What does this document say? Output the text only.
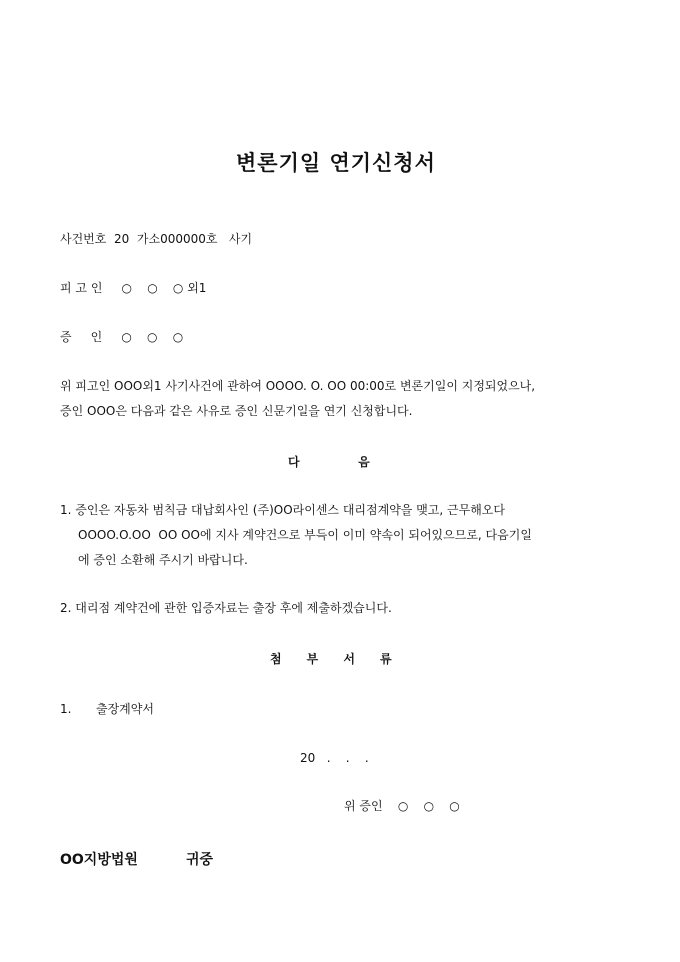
변론기일 연기신청서
사건번호  20  가소000000호   사기
피 고 인     ○    ○    ○ 외1
증     인     ○    ○    ○
위 피고인 OOO외1 사기사건에 관하여 OOOO. O. OO 00:00로 변론기일이 지정되었으나,
증인 OOO은 다음과 같은 사유로 증인 신문기일을 연기 신청합니다.
다              음
1. 증인은 자동차 범칙금 대납회사인 (주)OO라이센스 대리점계약을 맺고, 근무해오다
OOOO.O.OO  OO OO에 지사 계약건으로 부득이 이미 약속이 되어있으므로, 다음기일
에 증인 소환해 주시기 바랍니다.
2. 대리점 계약건에 관한 입증자료는 출장 후에 제출하겠습니다.
첨      부      서      류
1. 출장계약서
20   .    .    .
위 증인    ○    ○    ○
OO지방법원	귀중
